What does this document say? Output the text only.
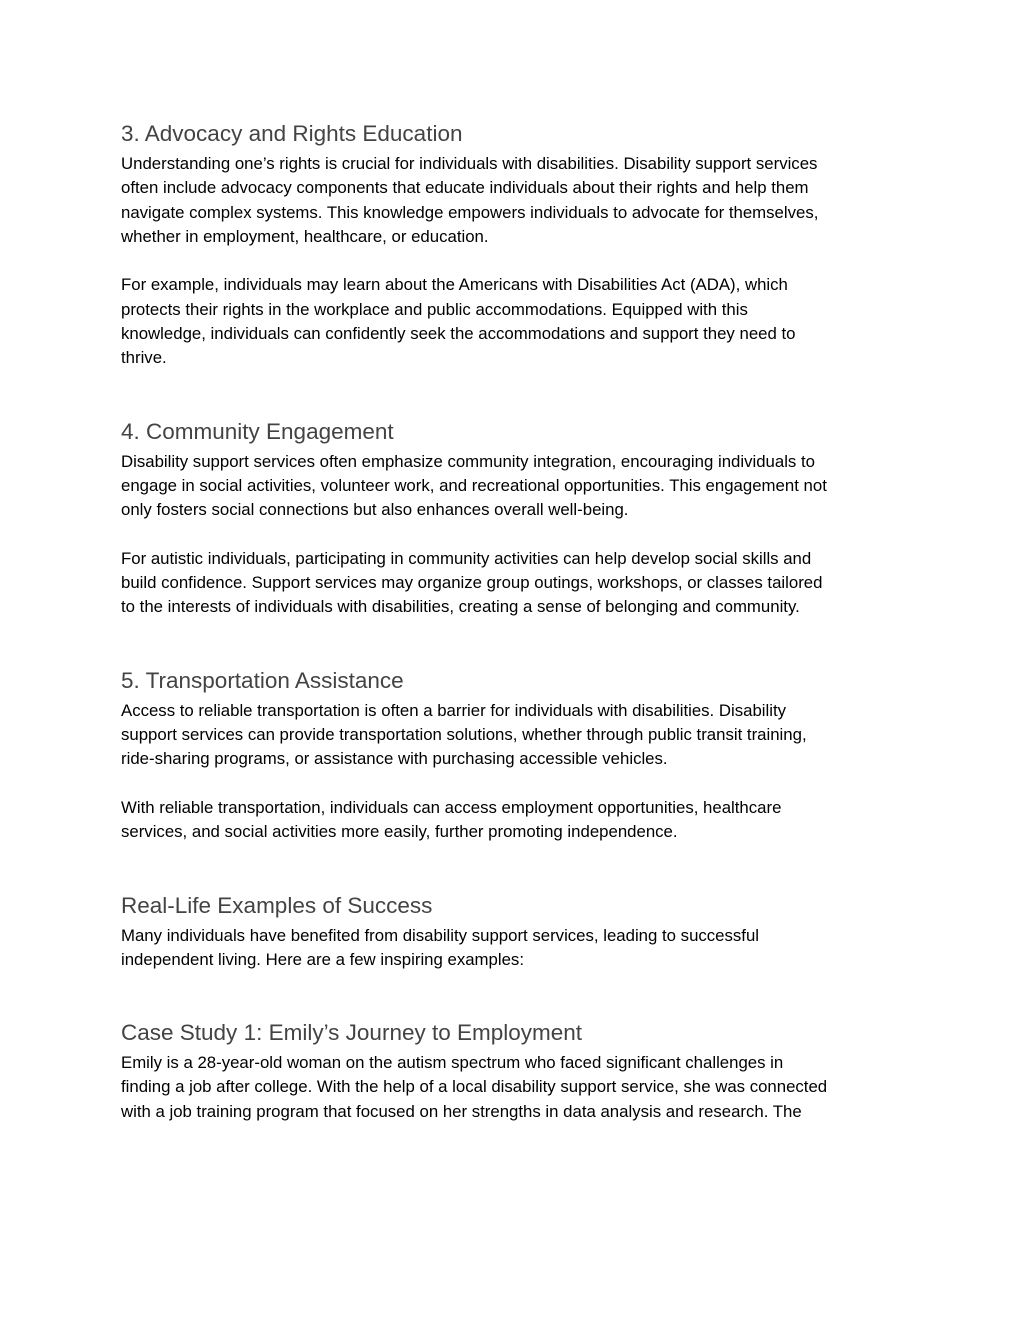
3. Advocacy and Rights Education

Understanding one’s rights is crucial for individuals with disabilities. Disability support services
often include advocacy components that educate individuals about their rights and help them
navigate complex systems. This knowledge empowers individuals to advocate for themselves,
whether in employment, healthcare, or education.

For example, individuals may learn about the Americans with Disabilities Act (ADA), which
protects their rights in the workplace and public accommodations. Equipped with this
knowledge, individuals can confidently seek the accommodations and support they need to
thrive.

4. Community Engagement

Disability support services often emphasize community integration, encouraging individuals to
engage in social activities, volunteer work, and recreational opportunities. This engagement not
only fosters social connections but also enhances overall well-being.

For autistic individuals, participating in community activities can help develop social skills and
build confidence. Support services may organize group outings, workshops, or classes tailored
to the interests of individuals with disabilities, creating a sense of belonging and community.

5. Transportation Assistance

Access to reliable transportation is often a barrier for individuals with disabilities. Disability
support services can provide transportation solutions, whether through public transit training,
ride-sharing programs, or assistance with purchasing accessible vehicles.

With reliable transportation, individuals can access employment opportunities, healthcare
services, and social activities more easily, further promoting independence.

Real-Life Examples of Success

Many individuals have benefited from disability support services, leading to successful
independent living. Here are a few inspiring examples:

Case Study 1: Emily’s Journey to Employment

Emily is a 28-year-old woman on the autism spectrum who faced significant challenges in
finding a job after college. With the help of a local disability support service, she was connected
with a job training program that focused on her strengths in data analysis and research. The
